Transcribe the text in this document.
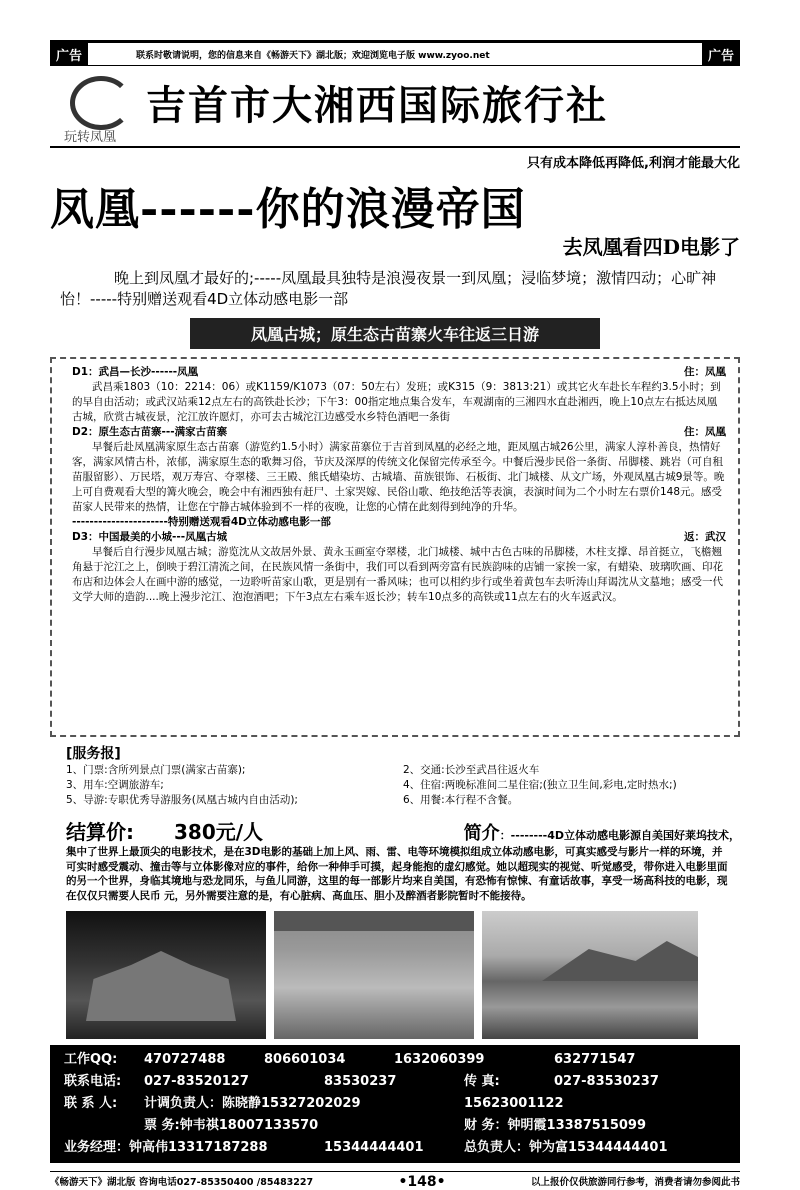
广告	联系时敬请说明，您的信息来自《畅游天下》湖北版；欢迎浏览电子版 www.zyoo.net	广告
玩转凤凰
吉首市大湘西国际旅行社
只有成本降低再降低,利润才能最大化
凤凰------你的浪漫帝国
去凤凰看四D电影了
晚上到凤凰才最好的;-----凤凰最具独特是浪漫夜景一到凤凰；浸临梦境；激情四动；心旷神怡！-----特别赠送观看4D立体动感电影一部
凤凰古城；原生态古苗寨火车往返三日游
D1：武昌—长沙------凤凰	住：凤凰
武昌乘1803（10：2214：06）或K1159/K1073（07：50左右）发班；或K315（9：3813:21）或其它火车赴长车程约3.5小时；到的早自由活动；或武汉站乘12点左右的高铁赴长沙；下午3：00指定地点集合发车，车观湖南的三湘四水直赴湘西，晚上10点左右抵达凤凰古城，欣赏古城夜景，沱江放许愿灯，亦可去古城沱江边感受水乡特色酒吧一条街
D2：原生态古苗寨---满家古苗寨	住：凤凰
早餐后赴凤凰满家原生态古苗寨（游览约1.5小时）满家苗寨位于吉首到凤凰的必经之地，距凤凰古城26公里，满家人淳朴善良，热情好客，满家风情古朴，浓郁，满家原生态的歌舞习俗，节庆及深厚的传统文化保留完传承至今。中餐后漫步民俗一条街、吊脚楼、跳岩（可自租苗服留影）、万民塔，观万寿宫、夺翠楼、三王殿、熊氏蜡染坊、古城墙、苗族银饰、石板街、北门城楼、从文广场，外观凤凰古城9景等。晚上可自费观看大型的篝火晚会，晚会中有湘西独有赶尸、土家哭嫁、民俗山歌、绝技绝活等表演，表演时间为二个小时左右票价148元。感受苗家人民带来的热情，让您在宁静古城体验到不一样的夜晚，让您的心情在此刻得到纯净的升华。
----------------------特别赠送观看4D立体动感电影一部
D3：中国最美的小城---凤凰古城	返：武汉
早餐后自行漫步凤凰古城；游览沈从文故居外景、黄永玉画室夺翠楼，北门城楼、城中古色古味的吊脚楼，木柱支撑、昂首挺立，飞檐翘角悬于沱江之上，倒映于碧江清流之间，在民族风情一条街中，我们可以看到两旁富有民族韵味的店铺一家挨一家，有蜡染、玻璃吹画、印花布店和边体会人在画中游的感觉，一边聆听苗家山歌，更是别有一番风味；也可以相约步行或坐着黄包车去听涛山拜谒沈从文墓地；感受一代文学大师的造韵....晚上漫步沱江、泡泡酒吧；下午3点左右乘车返长沙；转车10点多的高铁或11点左右的火车返武汉。
[服务报]
1、门票:含所列景点门票(满家古苗寨);	2、交通:长沙至武昌往返火车
3、用车:空调旅游车;	4、住宿:两晚标准间二星住宿;(独立卫生间,彩电,定时热水;)
5、导游:专职优秀导游服务(凤凰古城内自由活动);	6、用餐:本行程不含餐。
结算价: 380元/人	简介：--------4D立体动感电影源自美国好莱坞技术，
集中了世界上最顶尖的电影技术，是在3D电影的基础上加上风、雨、雷、电等环境模拟组成立体动感电影，可真实感受与影片一样的环境，并可实时感受震动、撞击等与立体影像对应的事件，给你一种伸手可摸，起身能抱的虚幻感觉。她以超现实的视觉、听觉感受，带你进入电影里面的另一个世界，身临其境地与恐龙同乐，与鱼儿同游，这里的每一部影片均来自美国，有恐怖有惊悚、有童话故事，享受一场高科技的电影，现在仅仅只需要人民币 元，另外需要注意的是，有心脏病、高血压、胆小及醉酒者影院暂时不能接待。
工作QQ:	470727488	806601034	1632060399	632771547
联系电话:	027-83520127	83530237	传 真:	027-83530237
联 系 人:	计调负责人：陈晓静15327202029	15623001122
票 务:钟韦祺18007133570	财 务：钟明霞13387515099
业务经理：钟高伟13317187288	15344444401	总负责人：钟为富15344444401
《畅游天下》湖北版 咨询电话027-85350400 /85483227	•148•	以上报价仅供旅游同行参考，消费者请勿参阅此书
